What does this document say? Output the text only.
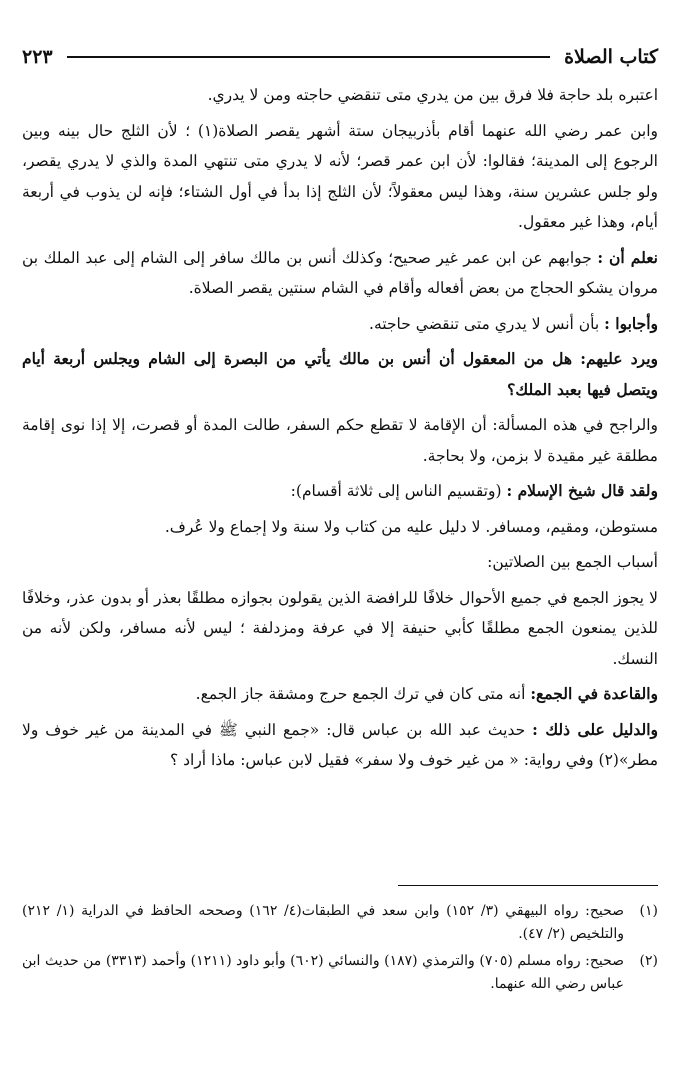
كتاب الصلاة
٢٢٣

اعتبره بلد حاجة فلا فرق بين من يدري متى تنقضي حاجته ومن لا يدري.

وابن عمر رضي الله عنهما أقام بأذربيجان ستة أشهر يقصر الصلاة(١) ؛ لأن الثلج حال بينه وبين الرجوع إلى المدينة؛ فقالوا: لأن ابن عمر قصر؛ لأنه لا يدري متى تنتهي المدة والذي لا يدري يقصر، ولو جلس عشرين سنة، وهذا ليس معقولاً؛ لأن الثلج إذا بدأ في أول الشتاء؛ فإنه لن يذوب في أربعة أيام، وهذا غير معقول.

نعلم أن : جوابهم عن ابن عمر غير صحيح؛ وكذلك أنس بن مالك سافر إلى الشام إلى عبد الملك بن مروان يشكو الحجاج من بعض أفعاله وأقام في الشام سنتين يقصر الصلاة.

وأجابوا : بأن أنس لا يدري متى تنقضي حاجته.

ويرد عليهم: هل من المعقول أن أنس بن مالك يأتي من البصرة إلى الشام ويجلس أربعة أيام ويتصل فيها بعبد الملك؟

والراجح في هذه المسألة: أن الإقامة لا تقطع حكم السفر، طالت المدة أو قصرت، إلا إذا نوى إقامة مطلقة غير مقيدة لا بزمن، ولا بحاجة.

ولقد قال شيخ الإسلام : (وتقسيم الناس إلى ثلاثة أقسام):

مستوطن، ومقيم، ومسافر. لا دليل عليه من كتاب ولا سنة ولا إجماع ولا عُرف.

أسباب الجمع بين الصلاتين:

لا يجوز الجمع في جميع الأحوال خلافًا للرافضة الذين يقولون بجوازه مطلقًا بعذر أو بدون عذر، وخلافًا للذين يمنعون الجمع مطلقًا كأبي حنيفة إلا في عرفة ومزدلفة ؛ ليس لأنه مسافر، ولكن لأنه من النسك.

والقاعدة في الجمع: أنه متى كان في ترك الجمع حرج ومشقة جاز الجمع.

والدليل على ذلك : حديث عبد الله بن عباس قال: «جمع النبي ﷺ في المدينة من غير خوف ولا مطر»(٢) وفي رواية: « من غير خوف ولا سفر» فقيل لابن عباس: ماذا أراد ؟

(١)
صحيح: رواه البيهقي (٣/ ١٥٢) وابن سعد في الطبقات(٤/ ١٦٢) وصححه الحافظ في الدراية (١/ ٢١٢) والتلخيص (٢/ ٤٧).
(٢)
صحيح: رواه مسلم (٧٠٥) والترمذي (١٨٧) والنسائي (٦٠٢) وأبو داود (١٢١١) وأحمد (٣٣١٣) من حديث ابن عباس رضي الله عنهما.
